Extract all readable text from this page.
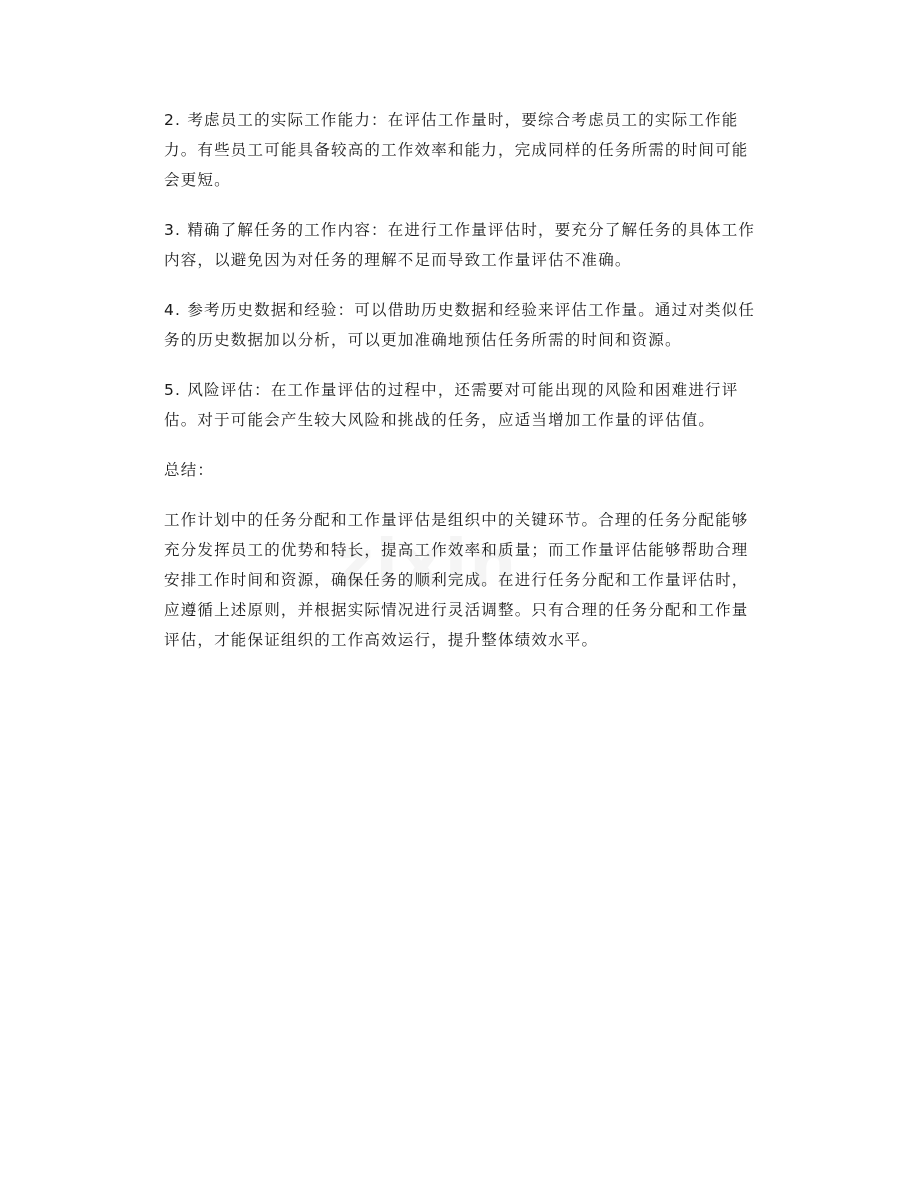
2. 考虑员工的实际工作能力：在评估工作量时，要综合考虑员工的实际工作能力。有些员工可能具备较高的工作效率和能力，完成同样的任务所需的时间可能会更短。

3. 精确了解任务的工作内容：在进行工作量评估时，要充分了解任务的具体工作内容，以避免因为对任务的理解不足而导致工作量评估不准确。

4. 参考历史数据和经验：可以借助历史数据和经验来评估工作量。通过对类似任务的历史数据加以分析，可以更加准确地预估任务所需的时间和资源。

5. 风险评估：在工作量评估的过程中，还需要对可能出现的风险和困难进行评估。对于可能会产生较大风险和挑战的任务，应适当增加工作量的评估值。

总结：

工作计划中的任务分配和工作量评估是组织中的关键环节。合理的任务分配能够充分发挥员工的优势和特长，提高工作效率和质量；而工作量评估能够帮助合理安排工作时间和资源，确保任务的顺利完成。在进行任务分配和工作量评估时，应遵循上述原则，并根据实际情况进行灵活调整。只有合理的任务分配和工作量评估，才能保证组织的工作高效运行，提升整体绩效水平。
